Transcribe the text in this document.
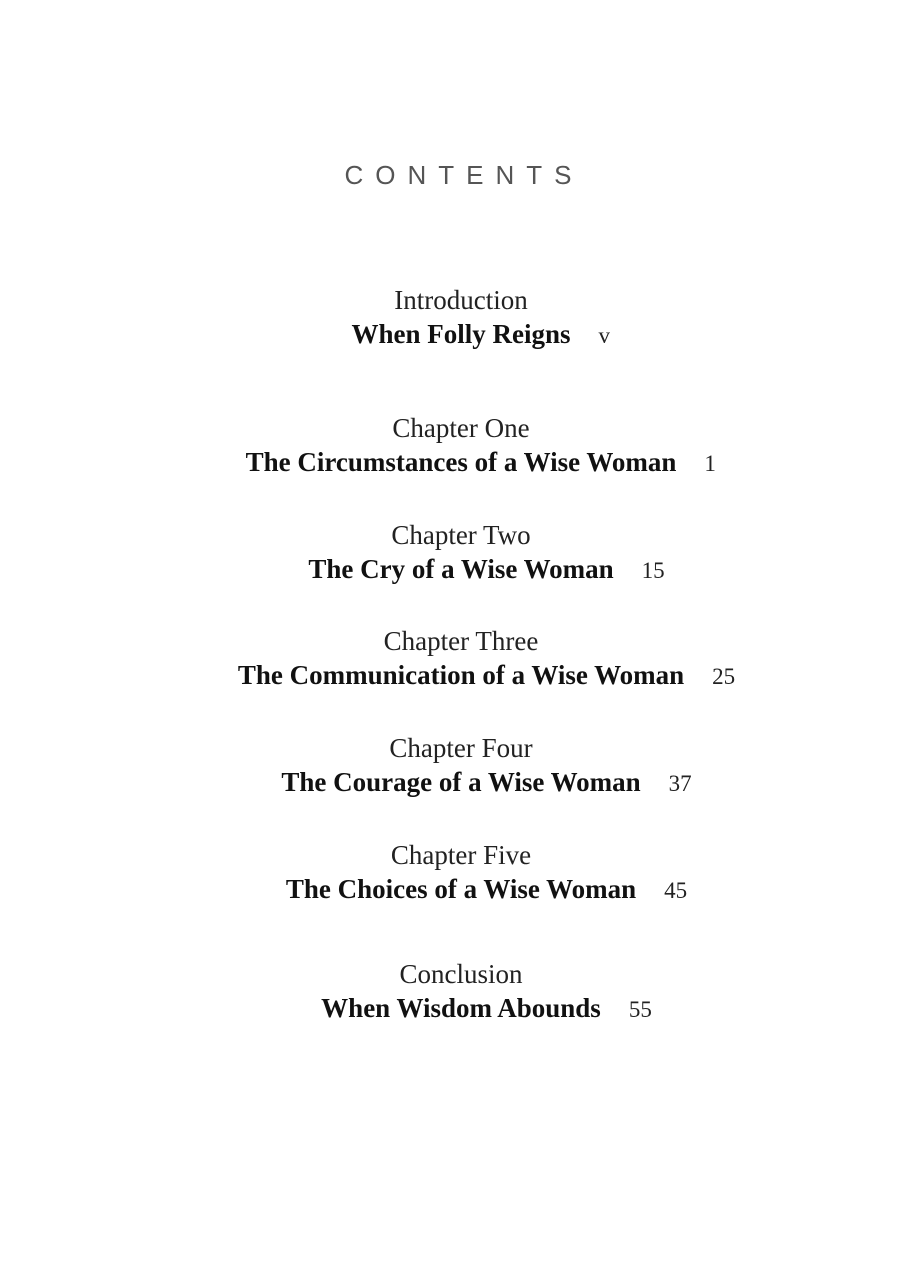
CONTENTS
Introduction
When Folly Reigns v
Chapter One
The Circumstances of a Wise Woman 1
Chapter Two
The Cry of a Wise Woman 15
Chapter Three
The Communication of a Wise Woman 25
Chapter Four
The Courage of a Wise Woman 37
Chapter Five
The Choices of a Wise Woman 45
Conclusion
When Wisdom Abounds 55
